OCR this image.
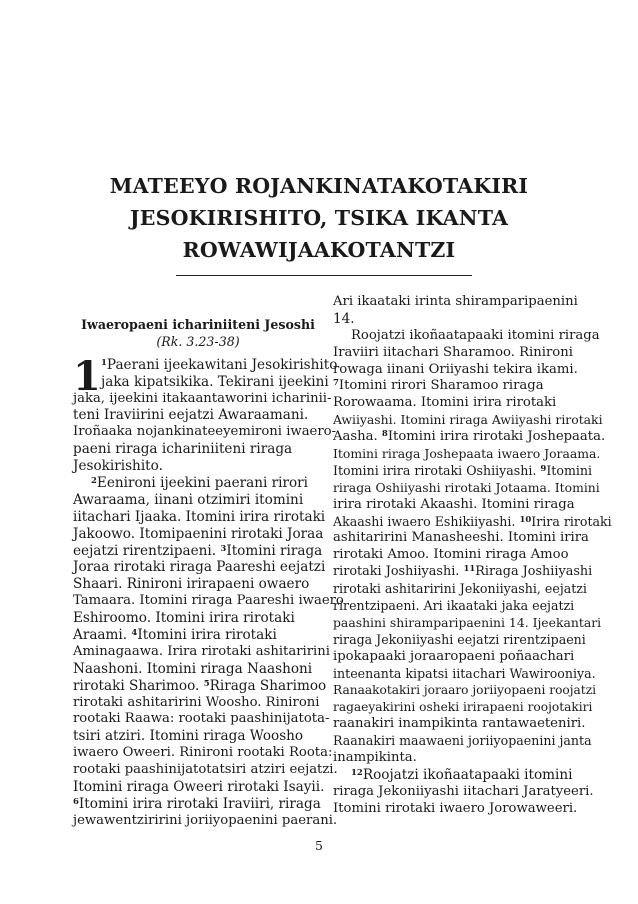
MATEEYO ROJANKINATAKOTAKIRI
JESOKIRISHITO, TSIKA IKANTA
ROWAWIJAAKOTANTZI
Iwaeropaeni ichariniiteni Jesoshi
(Rk. 3.23-38)
1 $^1$Paerani ijeekawitani Jesokirishito
jaka kipatsikika. Tekirani ijeekini
jaka, ijeekini itakaantaworini icharinii-
teni Iraviirini eejatzi Awaraamani.
Iroñaaka nojankinateeyemironi iwaero-
paeni riraga ichariniiteni riraga
Jesokirishito.
$^2$Eenironi ijeekini paerani rirori
Awaraama, iinani otzimiri itomini
iitachari Ijaaka. Itomini irira rirotaki
Jakoowo. Itomipaenini rirotaki Joraa
eejatzi rirentzipaeni. $^3$Itomini riraga
Joraa rirotaki riraga Paareshi eejatzi
Shaari. Rinironi irirapaeni owaero
Tamaara. Itomini riraga Paareshi iwaero
Eshiroomo. Itomini irira rirotaki
Araami. $^4$Itomini irira rirotaki
Aminagaawa. Irira rirotaki ashitaririni
Naashoni. Itomini riraga Naashoni
rirotaki Sharimoo. $^5$Riraga Sharimoo
rirotaki ashitaririni Woosho. Rinironi
rootaki Raawa: rootaki paashinijatota-
tsiri atziri. Itomini riraga Woosho
iwaero Oweeri. Rinironi rootaki Roota:
rootaki paashinijatotatsiri atziri eejatzi.
Itomini riraga Oweeri rirotaki Isayii.
$^6$Itomini irira rirotaki Iraviiri, riraga
jewawentziririni joriiyopaenini paerani.
Ari ikaataki irinta shiramparipaenini
14.
Roojatzi ikoñaatapaaki itomini riraga
Iraviiri iitachari Sharamoo. Rinironi
rowaga iinani Oriiyashi tekira ikami.
$^7$Itomini rirori Sharamoo riraga
Rorowaama. Itomini irira rirotaki
Awiiyashi. Itomini riraga Awiiyashi rirotaki
Aasha. $^8$Itomini irira rirotaki Joshepaata.
Itomini riraga Joshepaata iwaero Joraama.
Itomini irira rirotaki Oshiiyashi. $^9$Itomini
riraga Oshiiyashi rirotaki Jotaama. Itomini
irira rirotaki Akaashi. Itomini riraga
Akaashi iwaero Eshikiiyashi. $^{10}$Irira rirotaki
ashitaririni Manasheeshi. Itomini irira
rirotaki Amoo. Itomini riraga Amoo
rirotaki Joshiiyashi. $^{11}$Riraga Joshiiyashi
rirotaki ashitaririni Jekoniiyashi, eejatzi
rirentzipaeni. Ari ikaataki jaka eejatzi
paashini shiramparipaenini 14. Ijeekantari
riraga Jekoniiyashi eejatzi rirentzipaeni
ipokapaaki joraaropaeni poñaachari
inteenanta kipatsi iitachari Wawirooniya.
Ranaakotakiri joraaro joriiyopaeni roojatzi
ragaeyakirini osheki irirapaeni roojotakiri
raanakiri inampikinta rantawaeteniri.
Raanakiri maawaeni joriiyopaenini janta
inampikinta.
$^{12}$Roojatzi ikoñaatapaaki itomini
riraga Jekoniiyashi iitachari Jaratyeeri.
Itomini rirotaki iwaero Jorowaweeri.
5
